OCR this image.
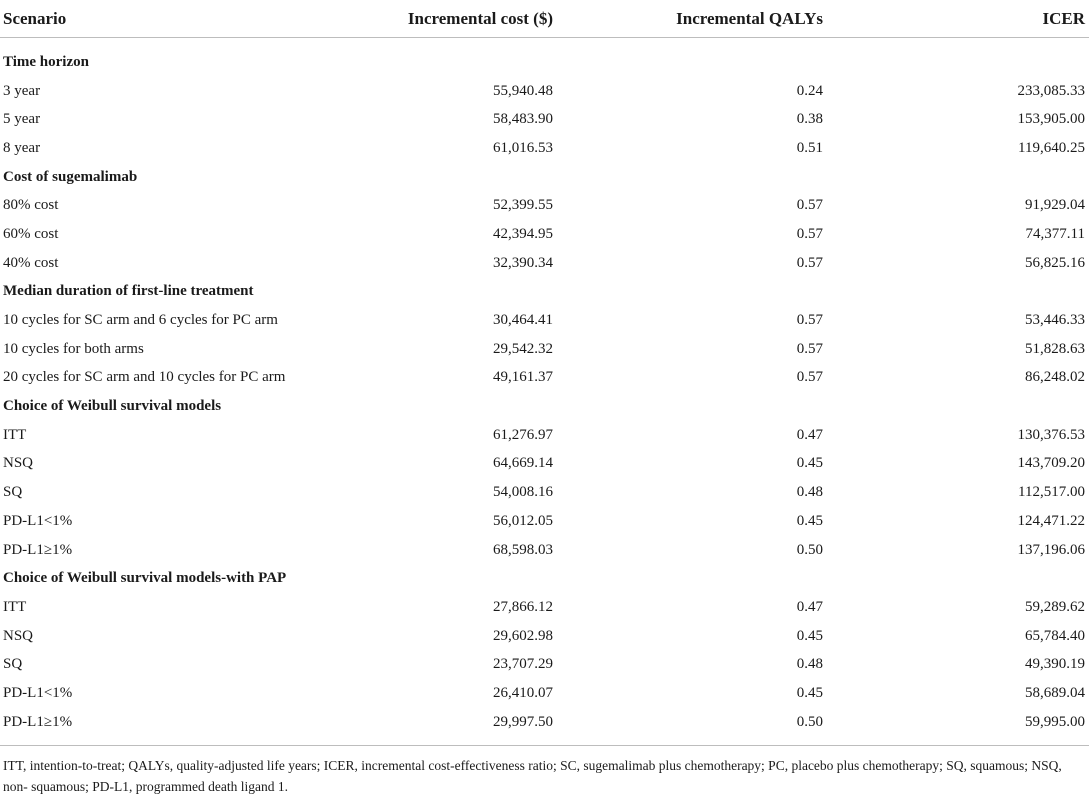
Scenario	Incremental cost ($)	Incremental QALYs	ICER
Time horizon			
3 year	55,940.48	0.24	233,085.33
5 year	58,483.90	0.38	153,905.00
8 year	61,016.53	0.51	119,640.25
Cost of sugemalimab			
80% cost	52,399.55	0.57	91,929.04
60% cost	42,394.95	0.57	74,377.11
40% cost	32,390.34	0.57	56,825.16
Median duration of first-line treatment			
10 cycles for SC arm and 6 cycles for PC arm	30,464.41	0.57	53,446.33
10 cycles for both arms	29,542.32	0.57	51,828.63
20 cycles for SC arm and 10 cycles for PC arm	49,161.37	0.57	86,248.02
Choice of Weibull survival models			
ITT	61,276.97	0.47	130,376.53
NSQ	64,669.14	0.45	143,709.20
SQ	54,008.16	0.48	112,517.00
PD-L1<1%	56,012.05	0.45	124,471.22
PD-L1≥1%	68,598.03	0.50	137,196.06
Choice of Weibull survival models-with PAP			
ITT	27,866.12	0.47	59,289.62
NSQ	29,602.98	0.45	65,784.40
SQ	23,707.29	0.48	49,390.19
PD-L1<1%	26,410.07	0.45	58,689.04
PD-L1≥1%	29,997.50	0.50	59,995.00
ITT, intention-to-treat; QALYs, quality-adjusted life years; ICER, incremental cost-effectiveness ratio; SC, sugemalimab plus chemotherapy; PC, placebo plus chemotherapy; SQ, squamous; NSQ, non- squamous; PD-L1, programmed death ligand 1.
